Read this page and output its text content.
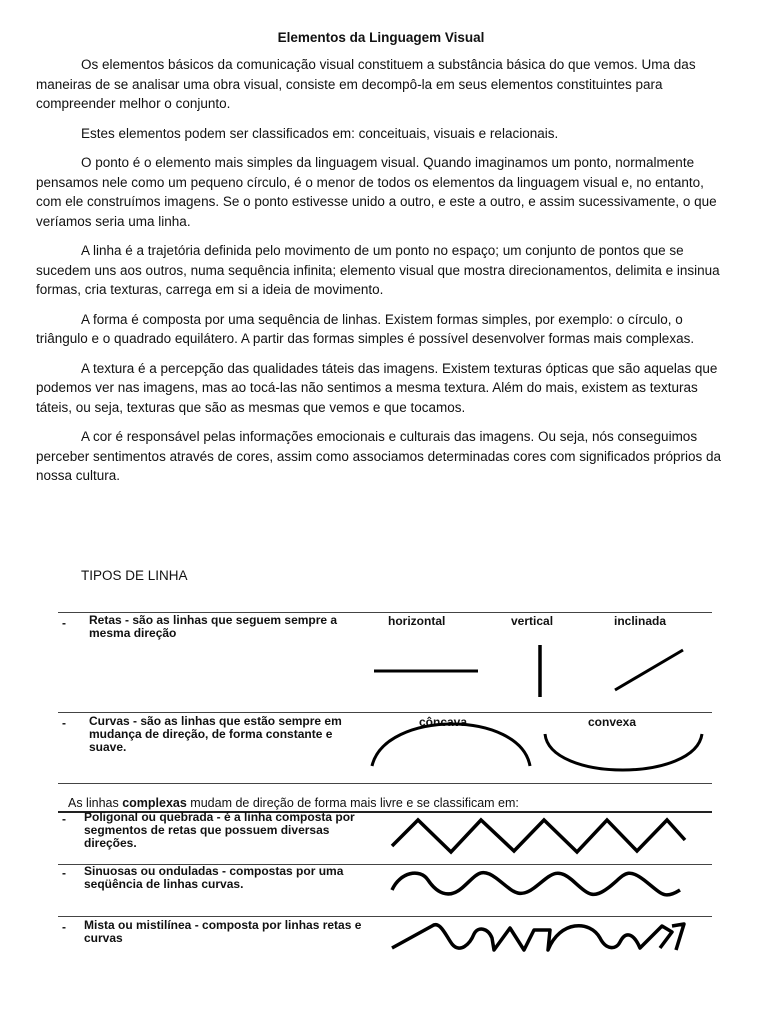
Elementos da Linguagem Visual

Os elementos básicos da comunicação visual constituem a substância básica do que vemos. Uma das maneiras de se analisar uma obra visual, consiste em decompô-la em seus elementos constituintes para compreender melhor o conjunto.

Estes elementos podem ser classificados em: conceituais, visuais e relacionais.

O ponto é o elemento mais simples da linguagem visual. Quando imaginamos um ponto, normalmente pensamos nele como um pequeno círculo, é o menor de todos os elementos da linguagem visual e, no entanto, com ele construímos imagens. Se o ponto estivesse unido a outro, e este a outro, e assim sucessivamente, o que veríamos seria uma linha.

A linha é a trajetória definida pelo movimento de um ponto no espaço; um conjunto de pontos que se sucedem uns aos outros, numa sequência infinita; elemento visual que mostra direcionamentos, delimita e insinua formas, cria texturas, carrega em si a ideia de movimento.

A forma é composta por uma sequência de linhas. Existem formas simples, por exemplo: o círculo, o triângulo e o quadrado equilátero. A partir das formas simples é possível desenvolver formas mais complexas.

A textura é a percepção das qualidades táteis das imagens. Existem texturas ópticas que são aquelas que podemos ver nas imagens, mas ao tocá-las não sentimos a mesma textura. Além do mais, existem as texturas táteis, ou seja, texturas que são as mesmas que vemos e que tocamos.

A cor é responsável pelas informações emocionais e culturais das imagens. Ou seja, nós conseguimos perceber sentimentos através de cores, assim como associamos determinadas cores com significados próprios da nossa cultura.

TIPOS DE LINHA
- Retas - são as linhas que seguem sempre a mesma direção
horizontal	vertical	inclinada
- Curvas - são as linhas que estão sempre em mudança de direção, de forma constante e suave.
côncava	convexa
As linhas complexas mudam de direção de forma mais livre e se classificam em:
- Poligonal ou quebrada - é a linha composta por segmentos de retas que possuem diversas direções.
- Sinuosas ou onduladas - compostas por uma seqüência de linhas curvas.
- Mista ou mistilínea - composta por linhas retas e curvas
